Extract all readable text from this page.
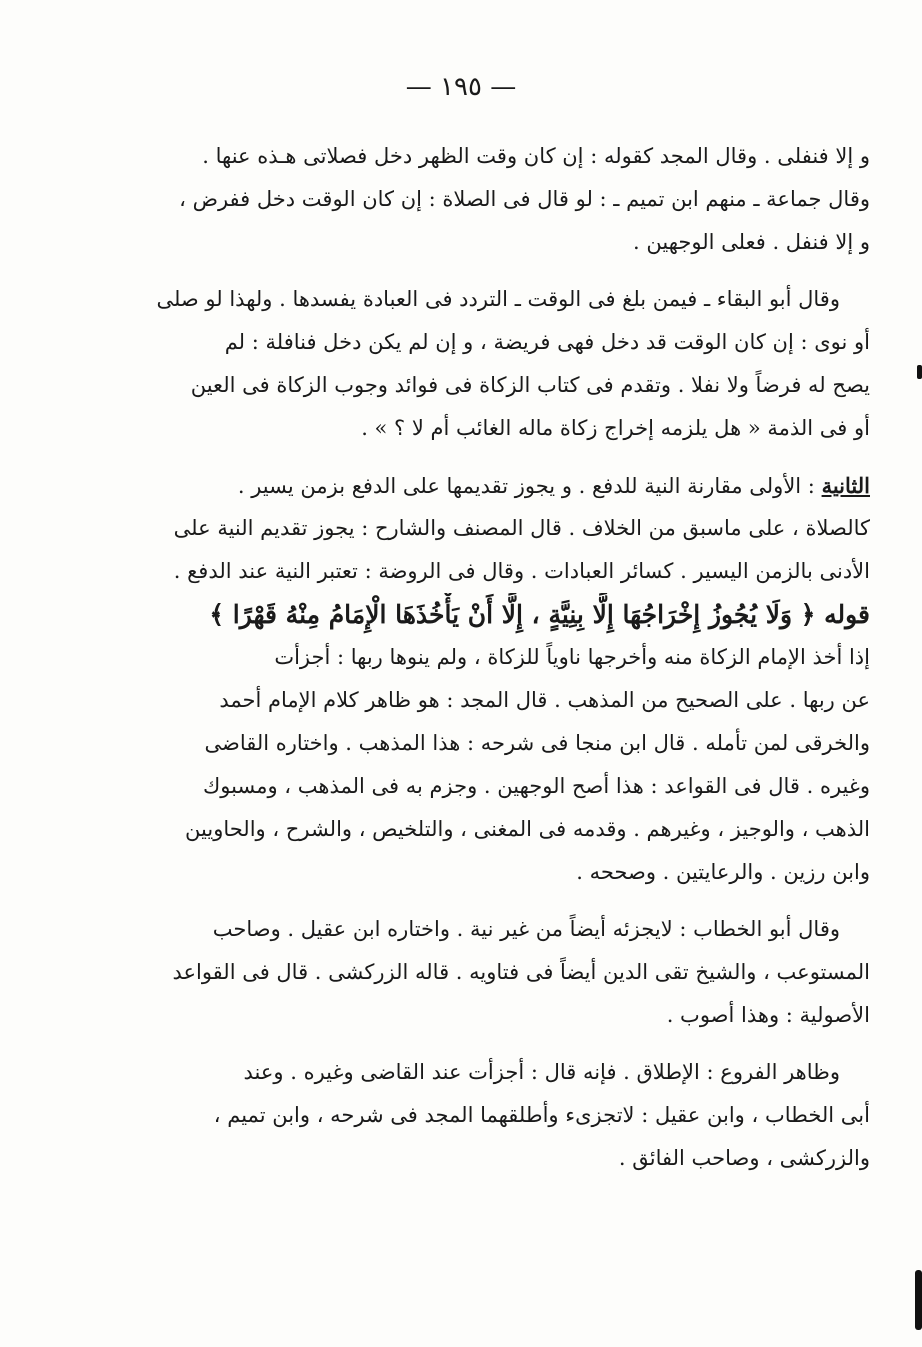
— ١٩٥ —
و إلا فنفلى . وقال المجد كقوله : إن كان وقت الظهر دخل فصلاتى هـذه عنها .
وقال جماعة ـ منهم ابن تميم ـ : لو قال فى الصلاة : إن كان الوقت دخل ففرض ،
و إلا فنفل . فعلى الوجهين .
وقال أبو البقاء ـ فيمن بلغ فى الوقت ـ التردد فى العبادة يفسدها . ولهذا لو صلى
أو نوى : إن كان الوقت قد دخل فهى فريضة ، و إن لم يكن دخل فنافلة : لم
يصح له فرضاً ولا نفلا . وتقدم فى كتاب الزكاة فى فوائد وجوب الزكاة فى العين
أو فى الذمة « هل يلزمه إخراج زكاة ماله الغائب أم لا ؟ » .
الثانية : الأولى مقارنة النية للدفع . و يجوز تقديمها على الدفع بزمن يسير .
كالصلاة ، على ماسبق من الخلاف . قال المصنف والشارح : يجوز تقديم النية على
الأدنى بالزمن اليسير . كسائر العبادات . وقال فى الروضة : تعتبر النية عند الدفع .
قوله ﴿ وَلَا يُجُوزُ إِخْرَاجُهَا إِلَّا بِنِيَّةٍ ، إِلَّا أَنْ يَأْخُذَهَا الْإِمَامُ مِنْهُ قَهْرًا ﴾
إذا أخذ الإمام الزكاة منه وأخرجها ناوياً للزكاة ، ولم ينوها ربها : أجزأت
عن ربها . على الصحيح من المذهب . قال المجد : هو ظاهر كلام الإمام أحمد
والخرقى لمن تأمله . قال ابن منجا فى شرحه : هذا المذهب . واختاره القاضى
وغيره . قال فى القواعد : هذا أصح الوجهين . وجزم به فى المذهب ، ومسبوك
الذهب ، والوجيز ، وغيرهم . وقدمه فى المغنى ، والتلخيص ، والشرح ، والحاويين
وابن رزين . والرعايتين . وصححه .
وقال أبو الخطاب : لايجزئه أيضاً من غير نية . واختاره ابن عقيل . وصاحب
المستوعب ، والشيخ تقى الدين أيضاً فى فتاويه . قاله الزركشى . قال فى القواعد
الأصولية : وهذا أصوب .
وظاهر الفروع : الإطلاق . فإنه قال : أجزأت عند القاضى وغيره . وعند
أبى الخطاب ، وابن عقيل : لاتجزىء وأطلقهما المجد فى شرحه ، وابن تميم ،
والزركشى ، وصاحب الفائق .
